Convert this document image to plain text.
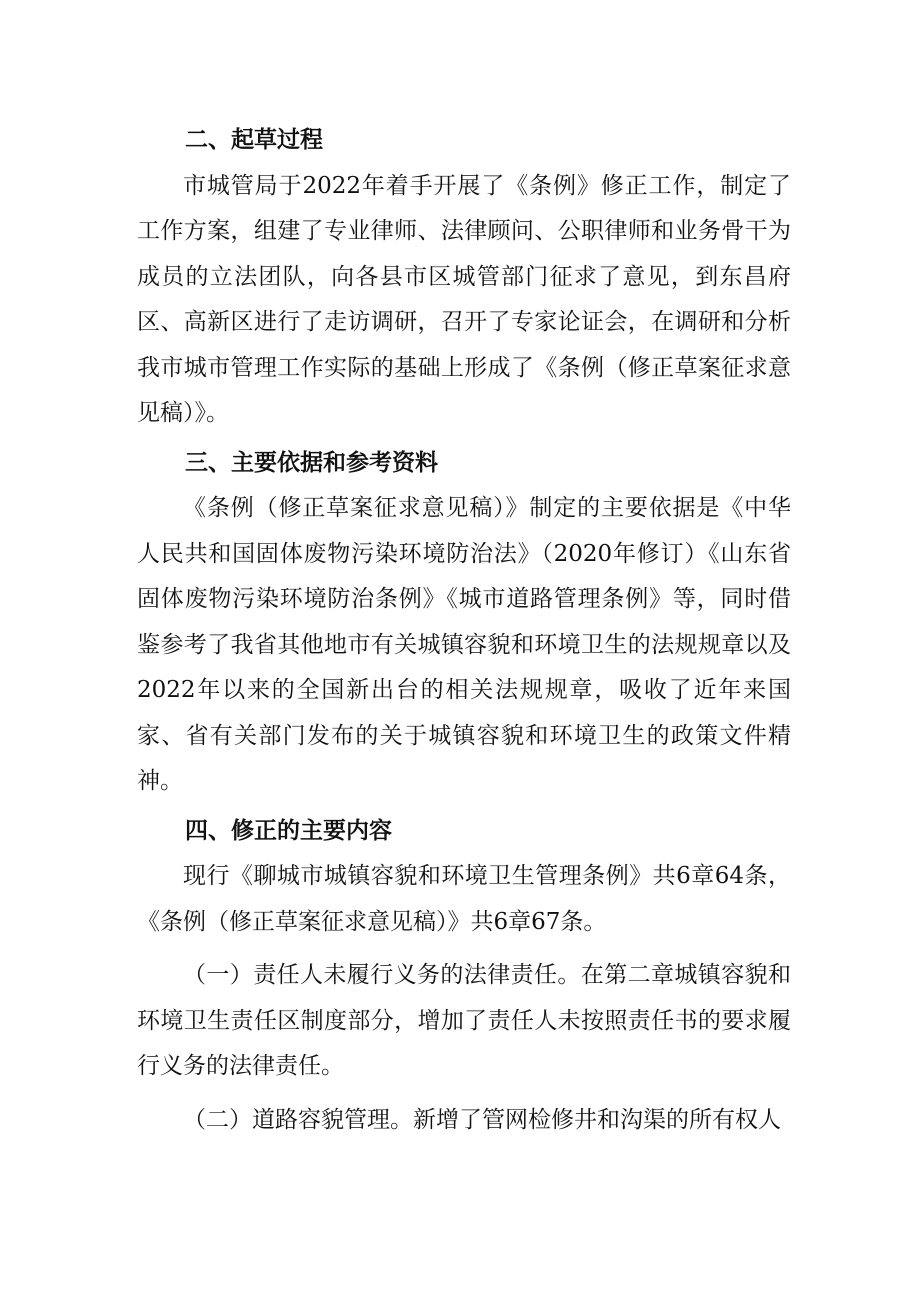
二、起草过程

市城管局于2022年着手开展了《条例》修正工作，制定了工作方案，组建了专业律师、法律顾问、公职律师和业务骨干为成员的立法团队，向各县市区城管部门征求了意见，到东昌府区、高新区进行了走访调研，召开了专家论证会，在调研和分析我市城市管理工作实际的基础上形成了《条例（修正草案征求意见稿）》。

三、主要依据和参考资料

《条例（修正草案征求意见稿）》制定的主要依据是《中华人民共和国固体废物污染环境防治法》（2020年修订）《山东省固体废物污染环境防治条例》《城市道路管理条例》等，同时借鉴参考了我省其他地市有关城镇容貌和环境卫生的法规规章以及2022年以来的全国新出台的相关法规规章，吸收了近年来国家、省有关部门发布的关于城镇容貌和环境卫生的政策文件精神。

四、修正的主要内容

现行《聊城市城镇容貌和环境卫生管理条例》共6章64条，《条例（修正草案征求意见稿）》共6章67条。

（一）责任人未履行义务的法律责任。在第二章城镇容貌和环境卫生责任区制度部分，增加了责任人未按照责任书的要求履行义务的法律责任。

（二）道路容貌管理。新增了管网检修井和沟渠的所有权人
